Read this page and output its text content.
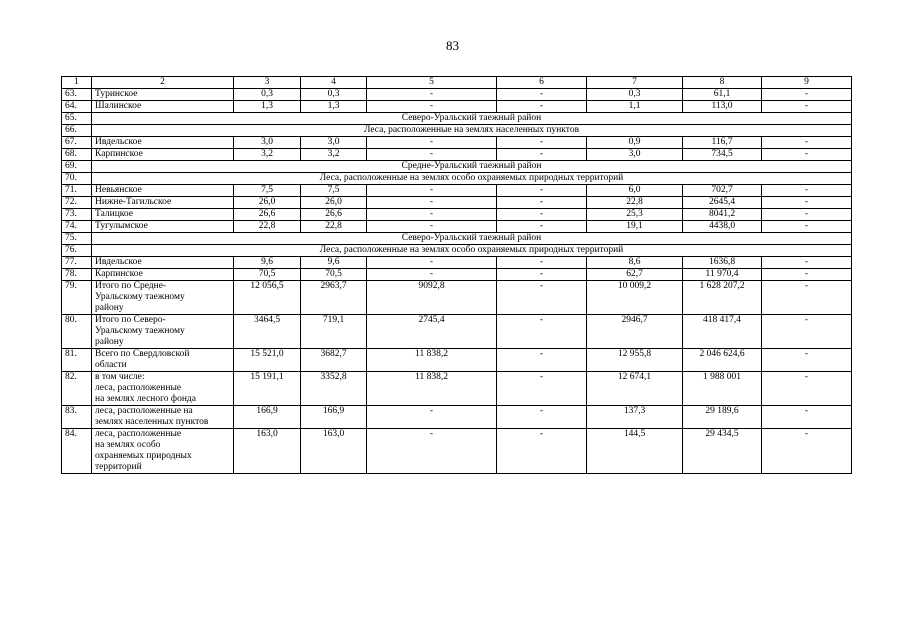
83
1	2	3	4	5	6	7	8	9
63.	Туринское	0,3	0,3	-	-	0,3	61,1	-
64.	Шалинское	1,3	1,3	-	-	1,1	113,0	-
65.	Северо-Уральский таежный район							
66.	Леса, расположенные на землях населенных пунктов							
67.	Ивдельское	3,0	3,0	-	-	0,9	116,7	-
68.	Карпинское	3,2	3,2	-	-	3,0	734,5	-
69.	Средне-Уральский таежный район							
70.	Леса, расположенные на землях особо охраняемых природных территорий							
71.	Невьянское	7,5	7,5	-	-	6,0	702,7	-
72.	Нижне-Тагильское	26,0	26,0	-	-	22,8	2645,4	-
73.	Талицкое	26,6	26,6	-	-	25,3	8041,2	-
74.	Тугулымское	22,8	22,8	-	-	19,1	4438,0	-
75.	Северо-Уральский таежный район							
76.	Леса, расположенные на землях особо охраняемых природных территорий							
77.	Ивдельское	9,6	9,6	-	-	8,6	1636,8	-
78.	Карпинское	70,5	70,5	-	-	62,7	11 970,4	-
79.	Итого по Средне-
Уральскому таежному
району	12 056,5	2963,7	9092,8	-	10 009,2	1 628 207,2	-
80.	Итого по Северо-
Уральскому таежному
району	3464,5	719,1	2745,4	-	2946,7	418 417,4	-
81.	Всего по Свердловской
области	15 521,0	3682,7	11 838,2	-	12 955,8	2 046 624,6	-
82.	в том числе:
леса, расположенные
на землях лесного фонда	15 191,1	3352,8	11 838,2	-	12 674,1	1 988 001	-
83.	леса, расположенные на
землях населенных пунктов	166,9	166,9	-	-	137,3	29 189,6	-
84.	леса, расположенные
на землях особо
охраняемых природных
территорий	163,0	163,0	-	-	144,5	29 434,5	-
